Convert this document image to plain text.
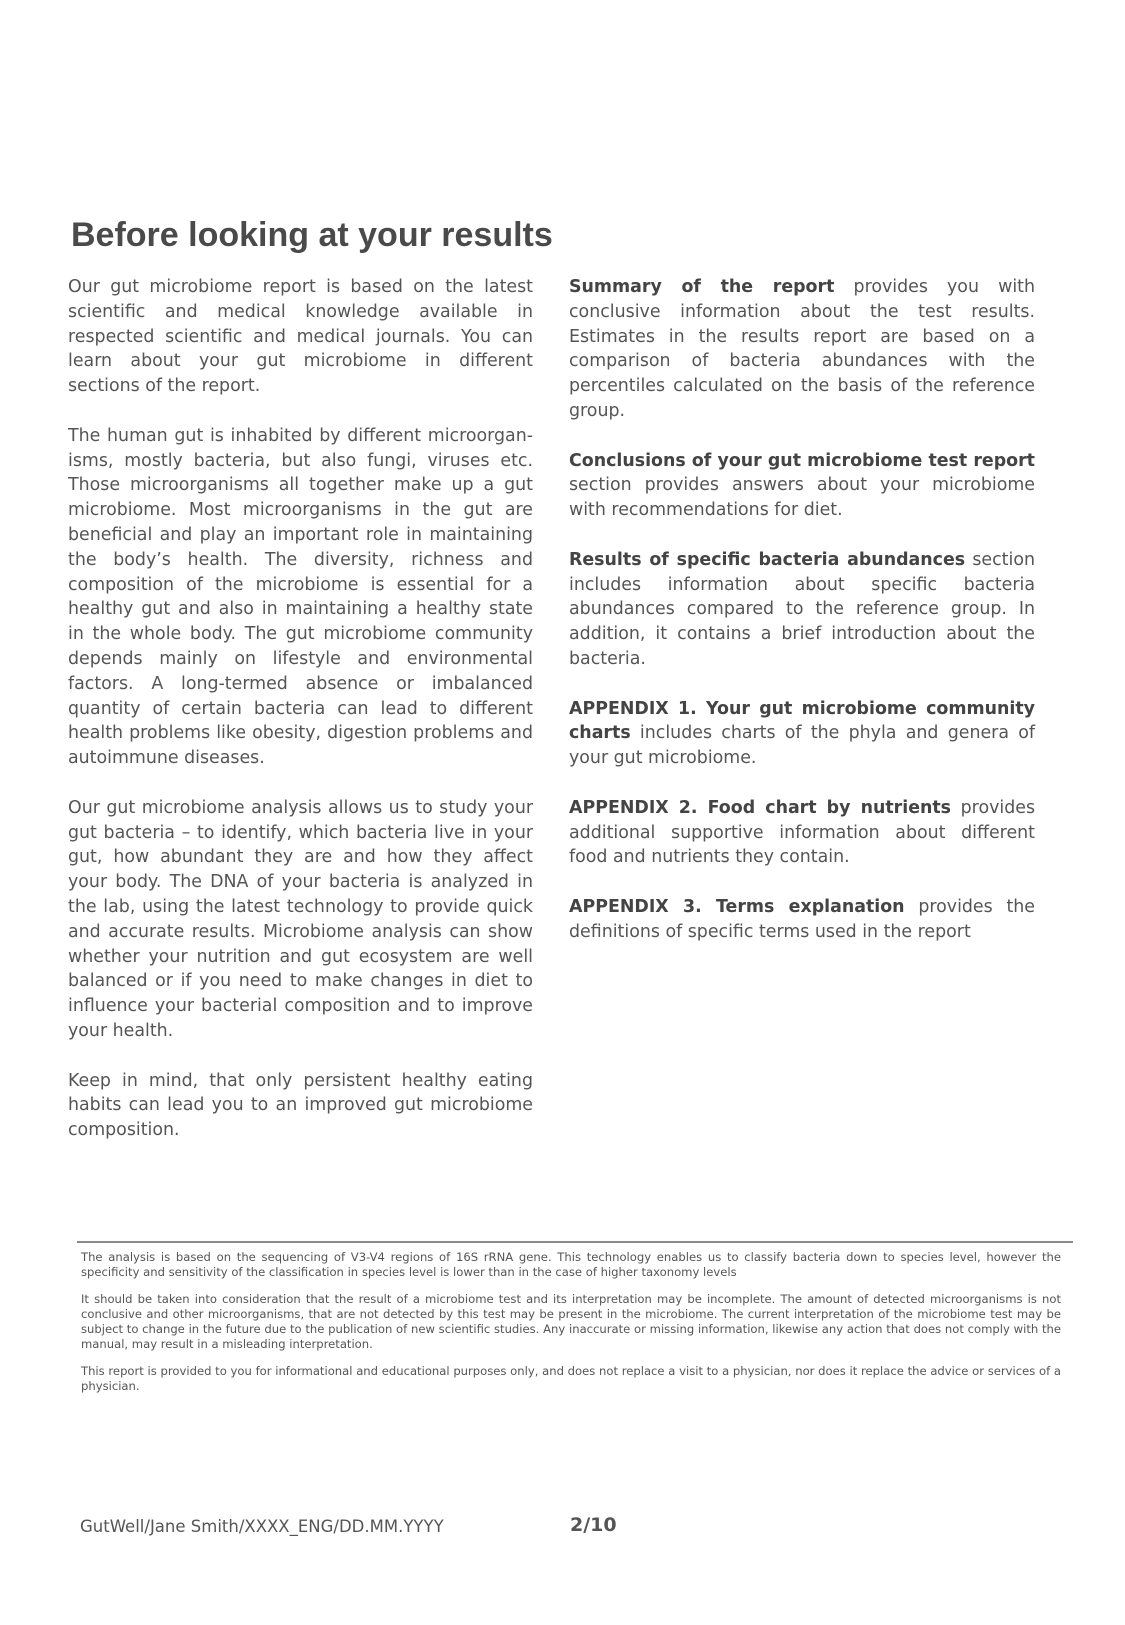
Before looking at your results

Our gut microbiome report is based on the latest scientific and medical knowledge available in respected scientific and medical journals. You can learn about your gut microbiome in different sections of the report.

The human gut is inhabited by different microorgan-isms, mostly bacteria, but also fungi, viruses etc. Those microorganisms all together make up a gut microbiome. Most microorganisms in the gut are beneficial and play an important role in maintaining the body’s health. The diversity, richness and composition of the microbiome is essential for a healthy gut and also in maintaining a healthy state in the whole body. The gut microbiome community depends mainly on lifestyle and environmental factors. A long-termed absence or imbalanced quantity of certain bacteria can lead to different health problems like obesity, digestion problems and autoimmune diseases.

Our gut microbiome analysis allows us to study your gut bacteria – to identify, which bacteria live in your gut, how abundant they are and how they affect your body. The DNA of your bacteria is analyzed in the lab, using the latest technology to provide quick and accurate results. Microbiome analysis can show whether your nutrition and gut ecosystem are well balanced or if you need to make changes in diet to influence your bacterial composition and to improve your health.

Keep in mind, that only persistent healthy eating habits can lead you to an improved gut microbiome composition.

Summary of the report provides you with conclusive information about the test results. Estimates in the results report are based on a comparison of bacteria abundances with the percentiles calculated on the basis of the reference group.

Conclusions of your gut microbiome test report section provides answers about your microbiome with recommendations for diet.

Results of specific bacteria abundances section includes information about specific bacteria abundances compared to the reference group. In addition, it contains a brief introduction about the bacteria.

APPENDIX 1. Your gut microbiome community charts includes charts of the phyla and genera of your gut microbiome.

APPENDIX 2. Food chart by nutrients provides additional supportive information about different food and nutrients they contain.

APPENDIX 3. Terms explanation provides the definitions of specific terms used in the report

The analysis is based on the sequencing of V3-V4 regions of 16S rRNA gene. This technology enables us to classify bacteria down to species level, however the specificity and sensitivity of the classification in species level is lower than in the case of higher taxonomy levels

It should be taken into consideration that the result of a microbiome test and its interpretation may be incomplete. The amount of detected microorganisms is not conclusive and other microorganisms, that are not detected by this test may be present in the microbiome. The current interpretation of the microbiome test may be subject to change in the future due to the publication of new scientific studies. Any inaccurate or missing information, likewise any action that does not comply with the manual, may result in a misleading interpretation.

This report is provided to you for informational and educational purposes only, and does not replace a visit to a physician, nor does it replace the advice or services of a physician.

GutWell/Jane Smith/XXXX_ENG/DD.MM.YYYY	2/10
